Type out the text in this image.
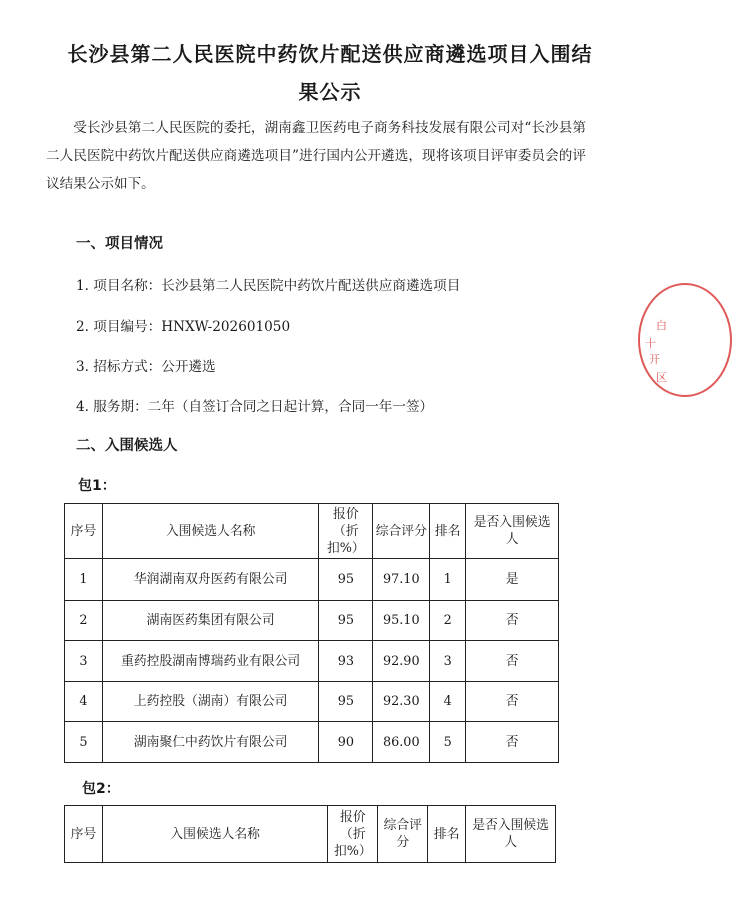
长沙县第二人民医院中药饮片配送供应商遴选项目入围结
果公示

受长沙县第二人民医院的委托，湖南鑫卫医药电子商务科技发展有限公司对“长沙县第二人民医院中药饮片配送供应商遴选项目”进行国内公开遴选，现将该项目评审委员会的评议结果公示如下。

一、项目情况

1. 项目名称：长沙县第二人民医院中药饮片配送供应商遴选项目

2. 项目编号：HNXW-202601050

3. 招标方式：公开遴选

4. 服务期：二年（自签订合同之日起计算，合同一年一签）

二、入围候选人

包1：

序号	入围候选人名称	报价（折扣%）	综合评分	排名	是否入围候选人
1	华润湖南双舟医药有限公司	95	97.10	1	是
2	湖南医药集团有限公司	95	95.10	2	否
3	重药控股湖南博瑞药业有限公司	93	92.90	3	否
4	上药控股（湖南）有限公司	95	92.30	4	否
5	湖南聚仁中药饮片有限公司	90	86.00	5	否

包2：

序号	入围候选人名称	报价（折扣%）	综合评分	排名	是否入围候选人
白
十
开
区
